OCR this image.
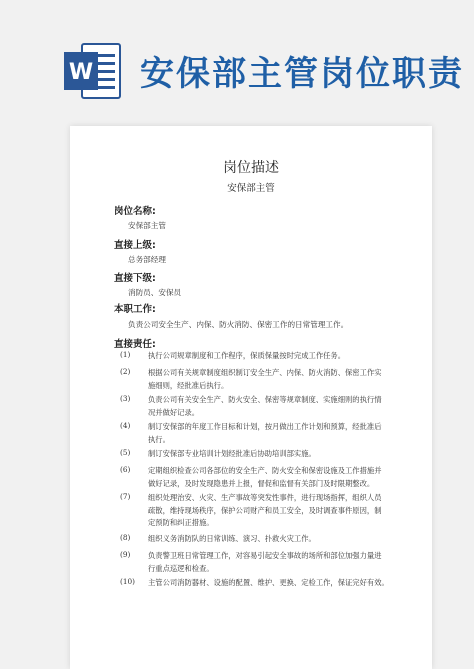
W 安保部主管岗位职责
岗位描述
安保部主管
岗位名称:
安保部主管
直接上级:
总务部经理
直接下级:
消防员、安保员
本职工作:
负责公司安全生产、内保、防火消防、保密工作的日常管理工作。
直接责任:
(1)	执行公司规章制度和工作程序，保质保量按时完成工作任务。
(2)	根据公司有关规章制度组织制订安全生产、内保、防火消防、保密工作实
施细则，经批准后执行。
(3)	负责公司有关安全生产、防火安全、保密等规章制度、实施细则的执行情
况并做好记录。
(4)	制订安保部的年度工作目标和计划，按月做出工作计划和预算，经批准后
执行。
(5)	制订安保部专业培训计划经批准后协助培训部实施。
(6)	定期组织检查公司各部位的安全生产、防火安全和保密设施及工作措施并
做好记录，及时发现隐患并上报，督促和监督有关部门及时限期整改。
(7)	组织处理治安、火灾、生产事故等突发性事件，进行现场指挥，组织人员
疏散，维持现场秩序，保护公司财产和员工安全，及时调查事件原因，制
定预防和纠正措施。
(8)	组织义务消防队的日常训练、演习、扑救火灾工作。
(9)	负责警卫班日常管理工作，对容易引起安全事故的场所和部位加强力量进
行重点巡逻和检查。
(10)	主管公司消防器材、设施的配置、维护、更换、定检工作，保证完好有效。
